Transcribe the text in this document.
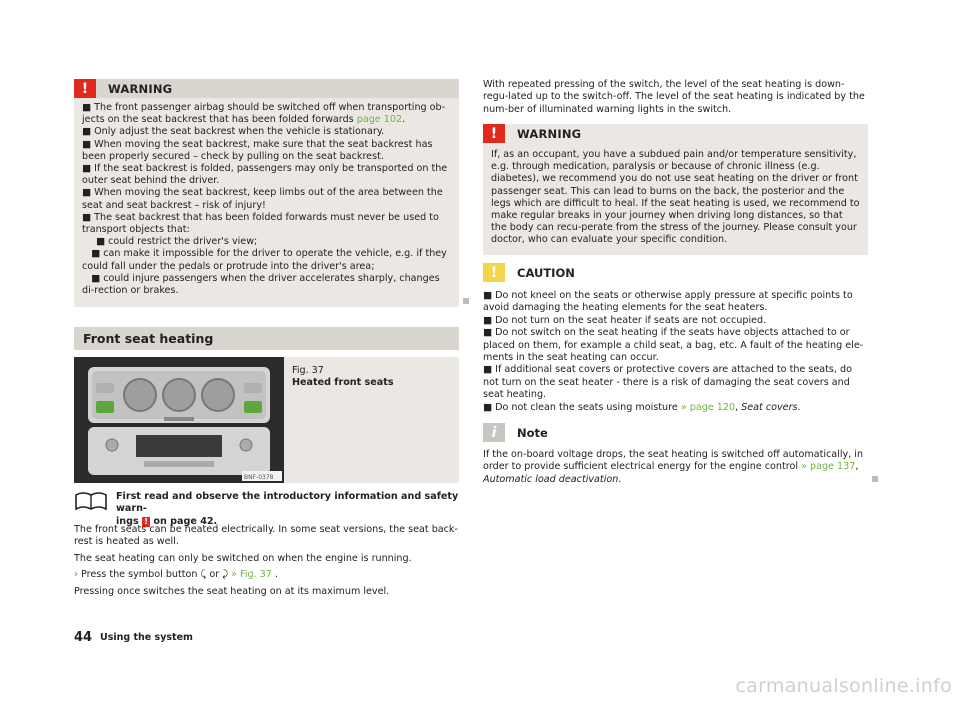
!	WARNING

■ The front passenger airbag should be switched off when transporting ob-jects on the seat backrest that has been folded forwards page 102.

■ Only adjust the seat backrest when the vehicle is stationary.

■ When moving the seat backrest, make sure that the seat backrest has been properly secured – check by pulling on the seat backrest.

■ If the seat backrest is folded, passengers may only be transported on the outer seat behind the driver.

■ When moving the seat backrest, keep limbs out of the area between the seat and seat backrest – risk of injury!

■ The seat backrest that has been folded forwards must never be used to transport objects that:

■ could restrict the driver's view;

■ can make it impossible for the driver to operate the vehicle, e.g. if they could fall under the pedals or protrude into the driver's area;

■ could injure passengers when the driver accelerates sharply, changes di-rection or brakes.

Front seat heating
BNF-0378
Fig. 37
Heated front seats
First read and observe the introductory information and safety warn-
ings ! on page 42.

The front seats can be heated electrically. In some seat versions, the seat back-rest is heated as well.

The seat heating can only be switched on when the engine is running.

› Press the symbol button ⤹ or ⤸ » Fig. 37 .

Pressing once switches the seat heating on at its maximum level.

With repeated pressing of the switch, the level of the seat heating is down-regu-lated up to the switch-off. The level of the seat heating is indicated by the num-ber of illuminated warning lights in the switch.

!	WARNING

If, as an occupant, you have a subdued pain and/or temperature sensitivity, e.g. through medication, paralysis or because of chronic illness (e.g. diabetes), we recommend you do not use seat heating on the driver or front passenger seat. This can lead to burns on the back, the posterior and the legs which are difficult to heal. If the seat heating is used, we recommend to make regular breaks in your journey when driving long distances, so that the body can recu-perate from the stress of the journey. Please consult your doctor, who can evaluate your specific condition.

!	CAUTION

■ Do not kneel on the seats or otherwise apply pressure at specific points to avoid damaging the heating elements for the seat heaters.

■ Do not turn on the seat heater if seats are not occupied.

■ Do not switch on the seat heating if the seats have objects attached to or placed on them, for example a child seat, a bag, etc. A fault of the heating ele-ments in the seat heating can occur.

■ If additional seat covers or protective covers are attached to the seats, do not turn on the seat heater - there is a risk of damaging the seat covers and seat heating.

■ Do not clean the seats using moisture » page 120, Seat covers.

i	Note

If the on-board voltage drops, the seat heating is switched off automatically, in order to provide sufficient electrical energy for the engine control » page 137, Automatic load deactivation.

44 Using the system
carmanualsonline.info
